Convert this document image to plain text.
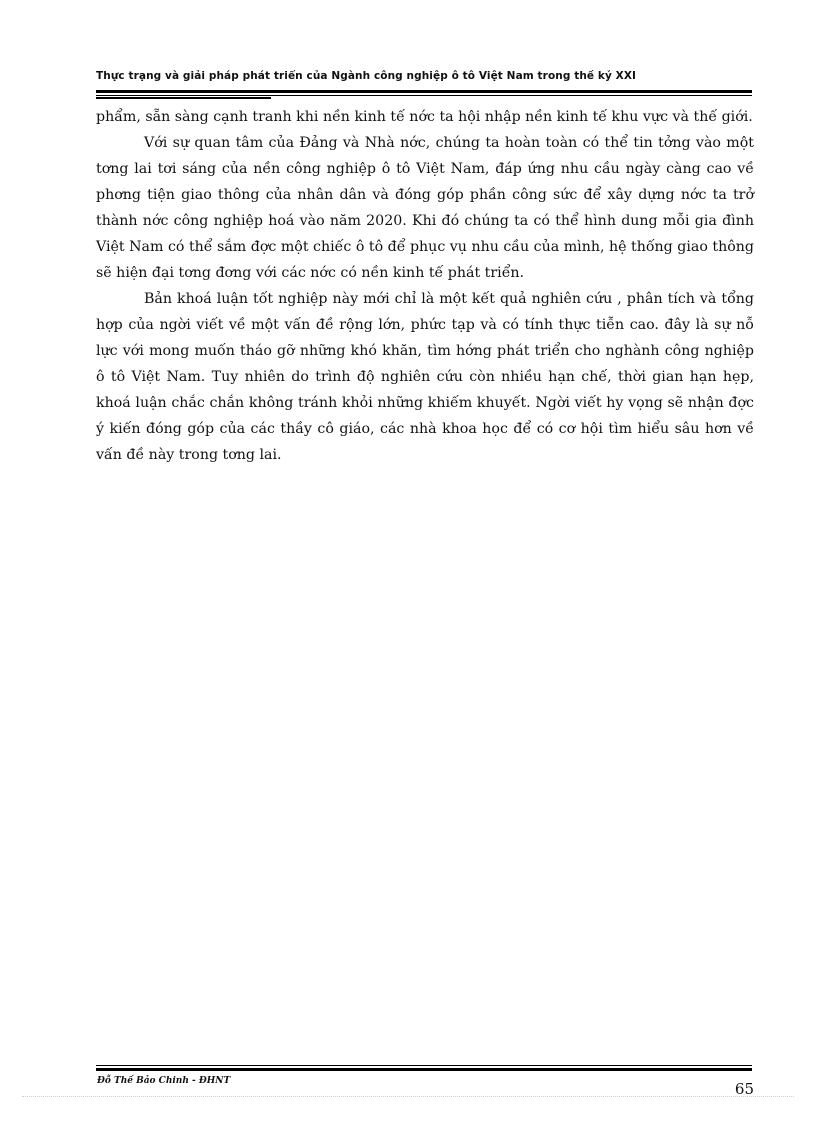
Thực trạng và giải pháp phát triển của Ngành công nghiệp ô tô Việt Nam trong thế kỷ XXI

phẩm, sẵn sàng cạnh tranh khi nền kinh tế nớc ta hội nhập nền kinh tế khu vực và thế giới.

Với sự quan tâm của Đảng và Nhà nớc, chúng ta hoàn toàn có thể tin tởng vào một tơng lai tơi sáng của nền công nghiệp ô tô Việt Nam, đáp ứng nhu cầu ngày càng cao về phơng tiện giao thông của nhân dân và đóng góp phần công sức để xây dựng nớc ta trở thành nớc công nghiệp hoá vào năm 2020. Khi đó chúng ta có thể hình dung mỗi gia đình Việt Nam có thể sắm đợc một chiếc ô tô để phục vụ nhu cầu của mình, hệ thống giao thông sẽ hiện đại tơng đơng với các nớc có nền kinh tế phát triển.

Bản khoá luận tốt nghiệp này mới chỉ là một kết quả nghiên cứu , phân tích và tổng hợp của ngời viết về một vấn đề rộng lớn, phức tạp và có tính thực tiễn cao. đây là sự nỗ lực với mong muốn tháo gỡ những khó khăn, tìm hớng phát triển cho nghành công nghiệp ô tô Việt Nam. Tuy nhiên do trình độ nghiên cứu còn nhiều hạn chế, thời gian hạn hẹp, khoá luận chắc chắn không tránh khỏi những khiếm khuyết. Ngời viết hy vọng sẽ nhận đợc ý kiến đóng góp của các thầy cô giáo, các nhà khoa học để có cơ hội tìm hiểu sâu hơn về vấn đề này trong tơng lai.

Đỗ Thế Bảo Chinh - ĐHNT	65
